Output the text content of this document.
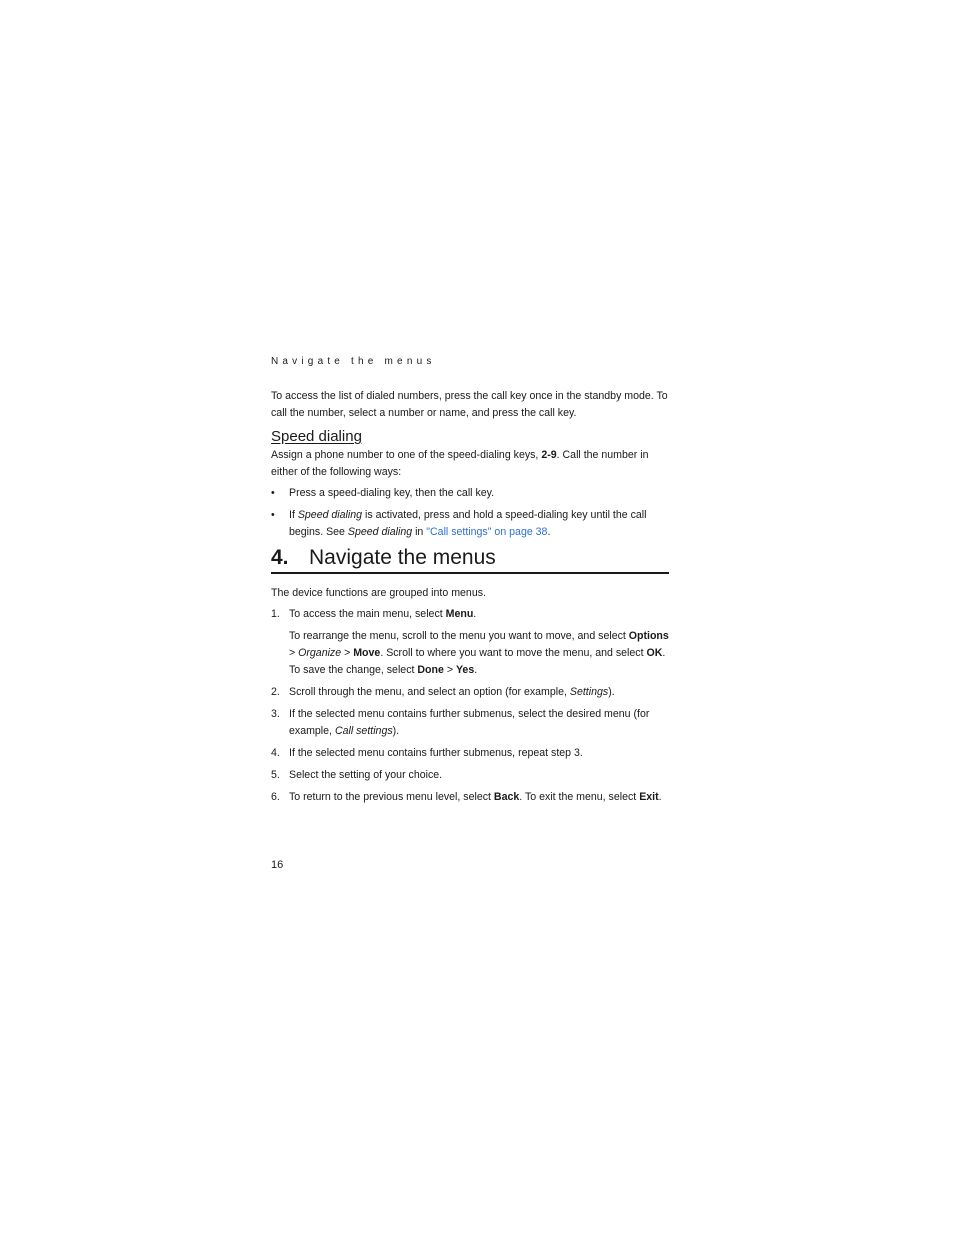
Navigate the menus

To access the list of dialed numbers, press the call key once in the standby mode. To call the number, select a number or name, and press the call key.

Speed dialing

Assign a phone number to one of the speed-dialing keys, 2-9. Call the number in either of the following ways:

• Press a speed-dialing key, then the call key.
• If Speed dialing is activated, press and hold a speed-dialing key until the call begins. See Speed dialing in "Call settings" on page 38.
4. Navigate the menus

The device functions are grouped into menus.

1. To access the main menu, select Menu.

To rearrange the menu, scroll to the menu you want to move, and select Options > Organize > Move. Scroll to where you want to move the menu, and select OK. To save the change, select Done > Yes.

2. Scroll through the menu, and select an option (for example, Settings).
3. If the selected menu contains further submenus, select the desired menu (for example, Call settings).
4. If the selected menu contains further submenus, repeat step 3.
5. Select the setting of your choice.
6. To return to the previous menu level, select Back. To exit the menu, select Exit.
16
